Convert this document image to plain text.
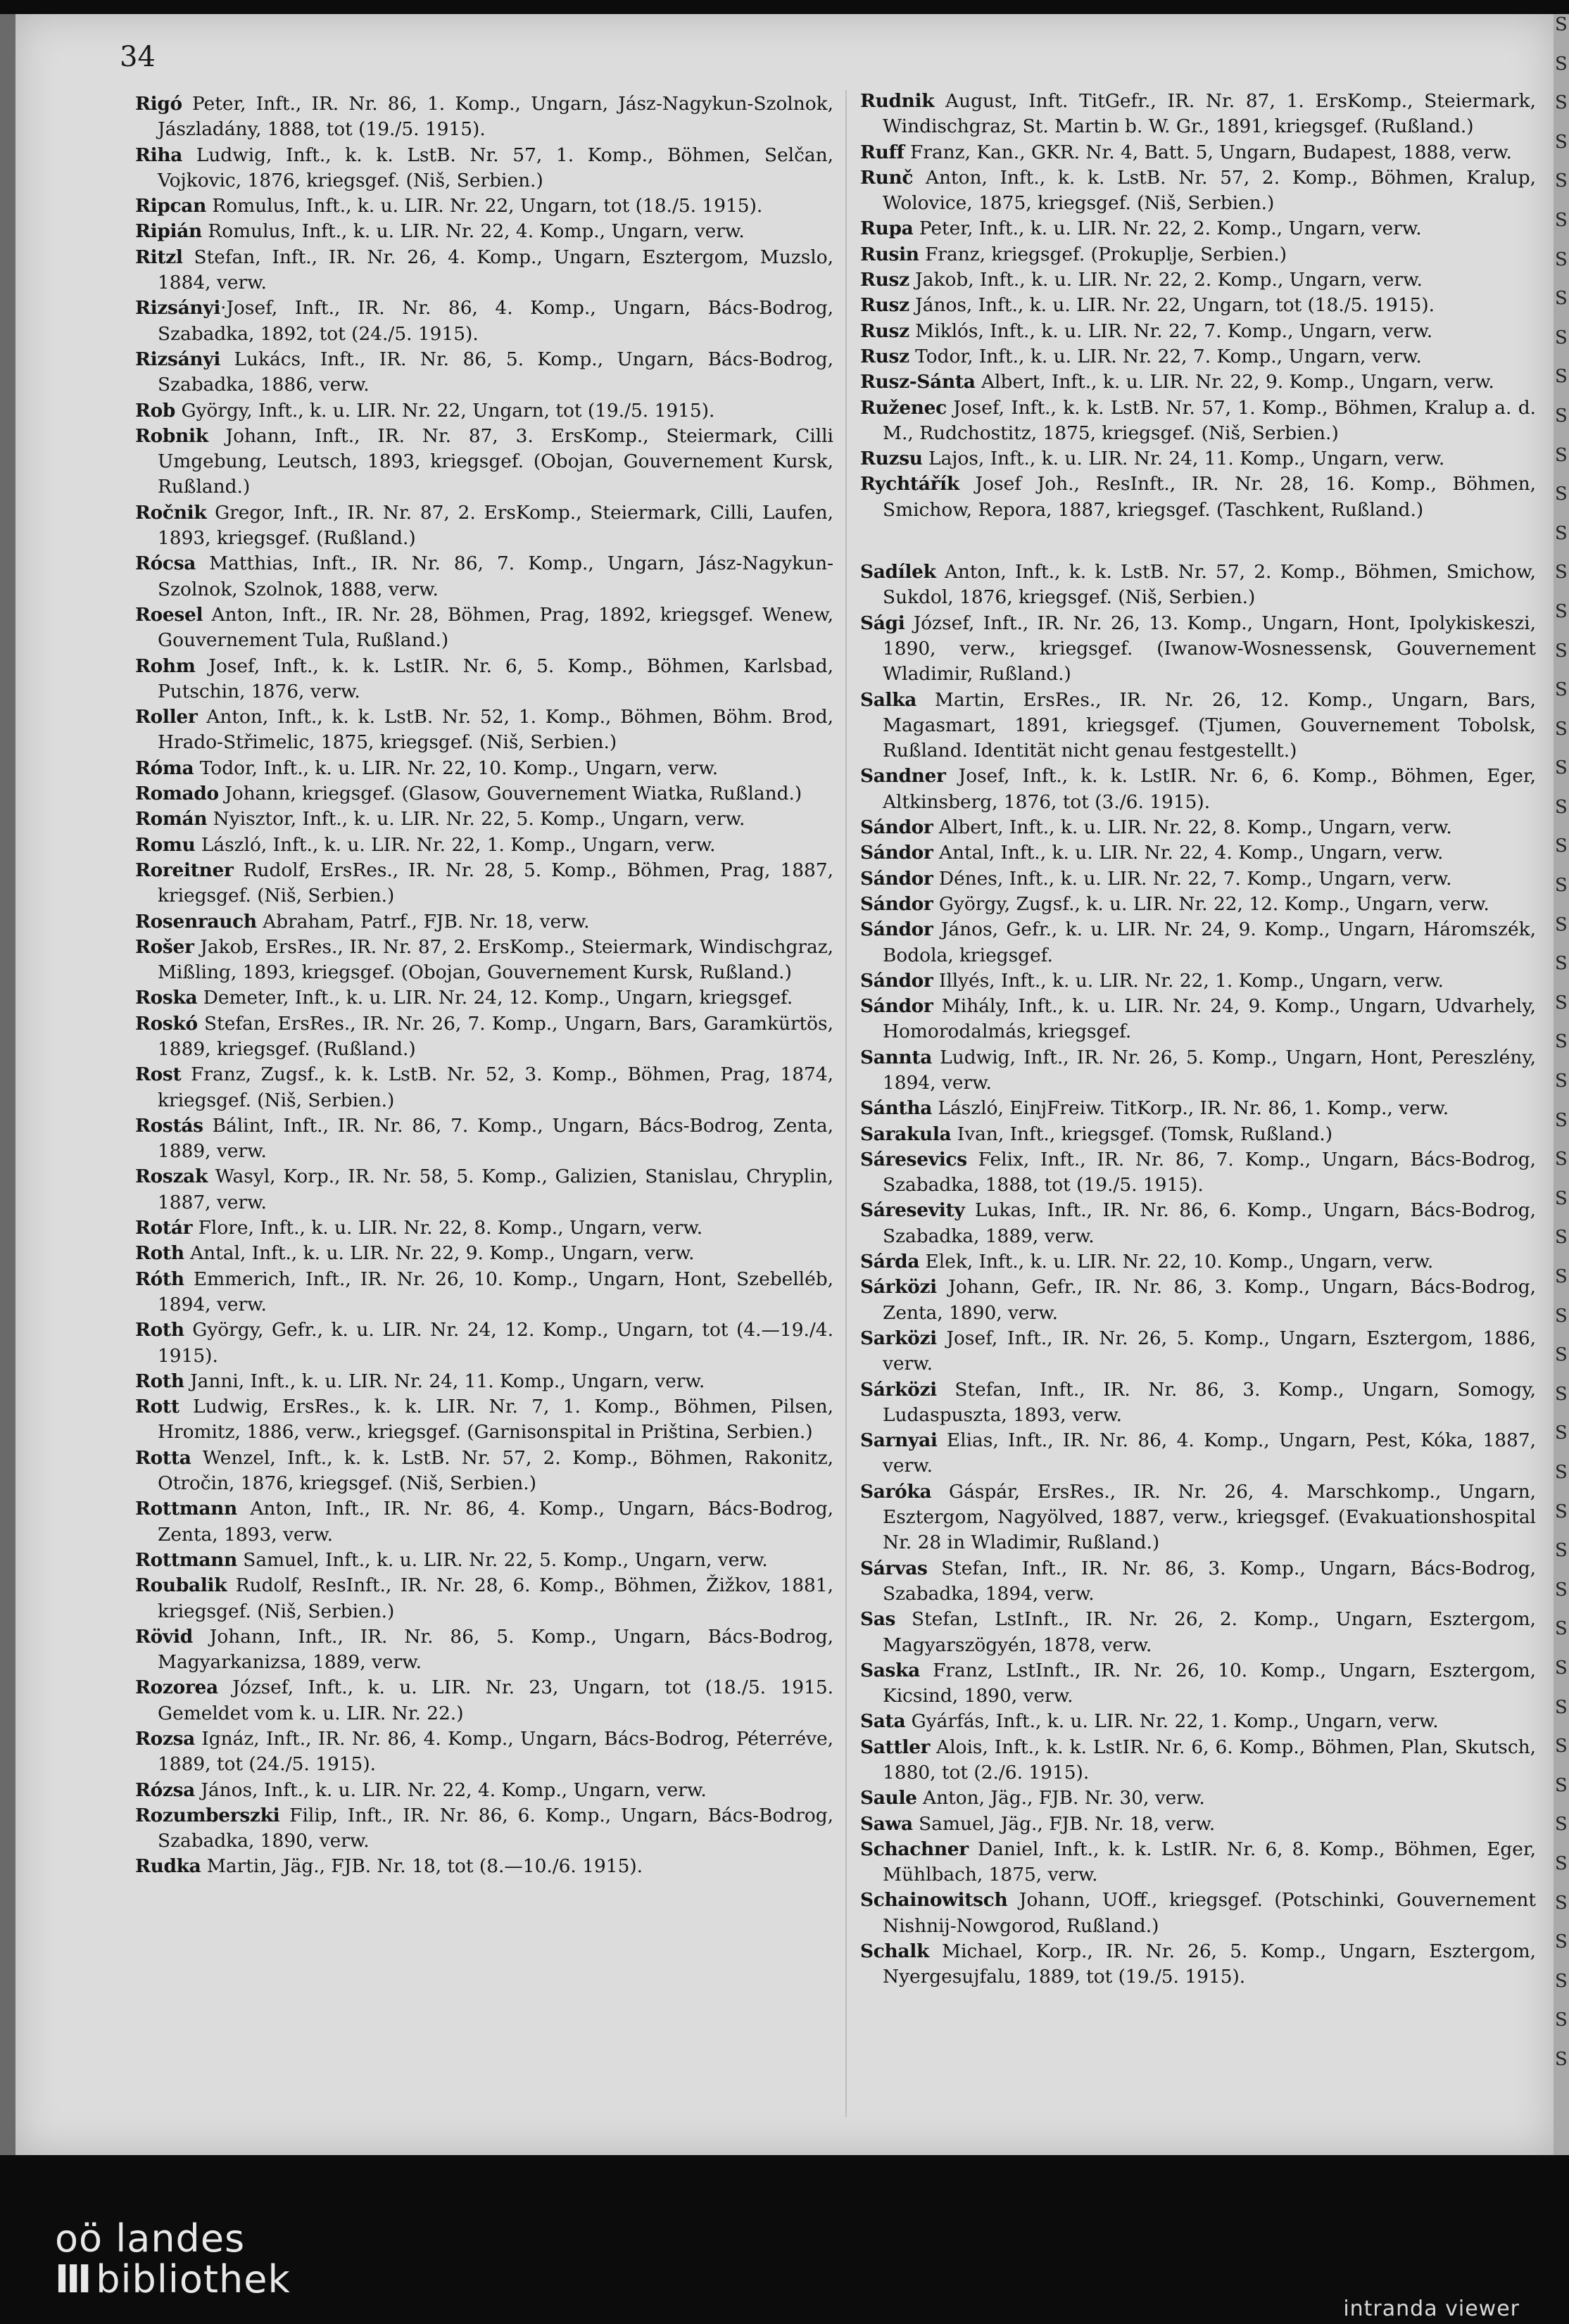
S
S
S
S
S
S
S
S
S
S
S
S
S
S
S
S
S
S
S
S
S
S
S
S
S
S
S
S
S
S
S
S
S
S
S
S
S
S
S
S
S
S
S
S
S
S
S
S
S
S
S
S
S
34

Rigó Peter, Inft., IR. Nr. 86, 1. Komp., Ungarn, Jász-Nagykun-Szolnok, Jászladány, 1888, tot (19./5. 1915).

Riha Ludwig, Inft., k. k. LstB. Nr. 57, 1. Komp., Böhmen, Selčan, Vojkovic, 1876, kriegsgef. (Niš, Serbien.)

Ripcan Romulus, Inft., k. u. LIR. Nr. 22, Ungarn, tot (18./5. 1915).

Ripián Romulus, Inft., k. u. LIR. Nr. 22, 4. Komp., Ungarn, verw.

Ritzl Stefan, Inft., IR. Nr. 26, 4. Komp., Ungarn, Esztergom, Muzslo, 1884, verw.

Rizsányi·Josef, Inft., IR. Nr. 86, 4. Komp., Ungarn, Bács-Bodrog, Szabadka, 1892, tot (24./5. 1915).

Rizsányi Lukács, Inft., IR. Nr. 86, 5. Komp., Ungarn, Bács-Bodrog, Szabadka, 1886, verw.

Rob György, Inft., k. u. LIR. Nr. 22, Ungarn, tot (19./5. 1915).

Robnik Johann, Inft., IR. Nr. 87, 3. ErsKomp., Steiermark, Cilli Umgebung, Leutsch, 1893, kriegsgef. (Obojan, Gouvernement Kursk, Rußland.)

Ročnik Gregor, Inft., IR. Nr. 87, 2. ErsKomp., Steiermark, Cilli, Laufen, 1893, kriegsgef. (Rußland.)

Rócsa Matthias, Inft., IR. Nr. 86, 7. Komp., Ungarn, Jász-Nagykun-Szolnok, Szolnok, 1888, verw.

Roesel Anton, Inft., IR. Nr. 28, Böhmen, Prag, 1892, kriegsgef. Wenew, Gouvernement Tula, Rußland.)

Rohm Josef, Inft., k. k. LstIR. Nr. 6, 5. Komp., Böhmen, Karlsbad, Putschin, 1876, verw.

Roller Anton, Inft., k. k. LstB. Nr. 52, 1. Komp., Böhmen, Böhm. Brod, Hrado-Střimelic, 1875, kriegsgef. (Niš, Serbien.)

Róma Todor, Inft., k. u. LIR. Nr. 22, 10. Komp., Ungarn, verw.

Romado Johann, kriegsgef. (Glasow, Gouvernement Wiatka, Rußland.)

Román Nyisztor, Inft., k. u. LIR. Nr. 22, 5. Komp., Ungarn, verw.

Romu László, Inft., k. u. LIR. Nr. 22, 1. Komp., Ungarn, verw.

Roreitner Rudolf, ErsRes., IR. Nr. 28, 5. Komp., Böhmen, Prag, 1887, kriegsgef. (Niš, Serbien.)

Rosenrauch Abraham, Patrf., FJB. Nr. 18, verw.

Rošer Jakob, ErsRes., IR. Nr. 87, 2. ErsKomp., Steiermark, Windischgraz, Mißling, 1893, kriegsgef. (Obojan, Gouvernement Kursk, Rußland.)

Roska Demeter, Inft., k. u. LIR. Nr. 24, 12. Komp., Ungarn, kriegsgef.

Roskó Stefan, ErsRes., IR. Nr. 26, 7. Komp., Ungarn, Bars, Garamkürtös, 1889, kriegsgef. (Rußland.)

Rost Franz, Zugsf., k. k. LstB. Nr. 52, 3. Komp., Böhmen, Prag, 1874, kriegsgef. (Niš, Serbien.)

Rostás Bálint, Inft., IR. Nr. 86, 7. Komp., Ungarn, Bács-Bodrog, Zenta, 1889, verw.

Roszak Wasyl, Korp., IR. Nr. 58, 5. Komp., Galizien, Stanislau, Chryplin, 1887, verw.

Rotár Flore, Inft., k. u. LIR. Nr. 22, 8. Komp., Ungarn, verw.

Roth Antal, Inft., k. u. LIR. Nr. 22, 9. Komp., Ungarn, verw.

Róth Emmerich, Inft., IR. Nr. 26, 10. Komp., Ungarn, Hont, Szebelléb, 1894, verw.

Roth György, Gefr., k. u. LIR. Nr. 24, 12. Komp., Ungarn, tot (4.—19./4. 1915).

Roth Janni, Inft., k. u. LIR. Nr. 24, 11. Komp., Ungarn, verw.

Rott Ludwig, ErsRes., k. k. LIR. Nr. 7, 1. Komp., Böhmen, Pilsen, Hromitz, 1886, verw., kriegsgef. (Garnisonspital in Priština, Serbien.)

Rotta Wenzel, Inft., k. k. LstB. Nr. 57, 2. Komp., Böhmen, Rakonitz, Otročin, 1876, kriegsgef. (Niš, Serbien.)

Rottmann Anton, Inft., IR. Nr. 86, 4. Komp., Ungarn, Bács-Bodrog, Zenta, 1893, verw.

Rottmann Samuel, Inft., k. u. LIR. Nr. 22, 5. Komp., Ungarn, verw.

Roubalik Rudolf, ResInft., IR. Nr. 28, 6. Komp., Böhmen, Žižkov, 1881, kriegsgef. (Niš, Serbien.)

Rövid Johann, Inft., IR. Nr. 86, 5. Komp., Ungarn, Bács-Bodrog, Magyarkanizsa, 1889, verw.

Rozorea József, Inft., k. u. LIR. Nr. 23, Ungarn, tot (18./5. 1915. Gemeldet vom k. u. LIR. Nr. 22.)

Rozsa Ignáz, Inft., IR. Nr. 86, 4. Komp., Ungarn, Bács-Bodrog, Péterréve, 1889, tot (24./5. 1915).

Rózsa János, Inft., k. u. LIR. Nr. 22, 4. Komp., Ungarn, verw.

Rozumberszki Filip, Inft., IR. Nr. 86, 6. Komp., Ungarn, Bács-Bodrog, Szabadka, 1890, verw.

Rudka Martin, Jäg., FJB. Nr. 18, tot (8.—10./6. 1915).

Rudnik August, Inft. TitGefr., IR. Nr. 87, 1. ErsKomp., Steiermark, Windischgraz, St. Martin b. W. Gr., 1891, kriegsgef. (Rußland.)

Ruff Franz, Kan., GKR. Nr. 4, Batt. 5, Ungarn, Budapest, 1888, verw.

Runč Anton, Inft., k. k. LstB. Nr. 57, 2. Komp., Böhmen, Kralup, Wolovice, 1875, kriegsgef. (Niš, Serbien.)

Rupa Peter, Inft., k. u. LIR. Nr. 22, 2. Komp., Ungarn, verw.

Rusin Franz, kriegsgef. (Prokuplje, Serbien.)

Rusz Jakob, Inft., k. u. LIR. Nr. 22, 2. Komp., Ungarn, verw.

Rusz János, Inft., k. u. LIR. Nr. 22, Ungarn, tot (18./5. 1915).

Rusz Miklós, Inft., k. u. LIR. Nr. 22, 7. Komp., Ungarn, verw.

Rusz Todor, Inft., k. u. LIR. Nr. 22, 7. Komp., Ungarn, verw.

Rusz-Sánta Albert, Inft., k. u. LIR. Nr. 22, 9. Komp., Ungarn, verw.

Ruženec Josef, Inft., k. k. LstB. Nr. 57, 1. Komp., Böhmen, Kralup a. d. M., Rudchostitz, 1875, kriegsgef. (Niš, Serbien.)

Ruzsu Lajos, Inft., k. u. LIR. Nr. 24, 11. Komp., Ungarn, verw.

Rychtářík Josef Joh., ResInft., IR. Nr. 28, 16. Komp., Böhmen, Smichow, Repora, 1887, kriegsgef. (Taschkent, Rußland.)

Sadílek Anton, Inft., k. k. LstB. Nr. 57, 2. Komp., Böhmen, Smichow, Sukdol, 1876, kriegsgef. (Niš, Serbien.)

Sági József, Inft., IR. Nr. 26, 13. Komp., Ungarn, Hont, Ipolykiskeszi, 1890, verw., kriegsgef. (Iwanow-Wosnessensk, Gouvernement Wladimir, Rußland.)

Salka Martin, ErsRes., IR. Nr. 26, 12. Komp., Ungarn, Bars, Magasmart, 1891, kriegsgef. (Tjumen, Gouvernement Tobolsk, Rußland. Identität nicht genau festgestellt.)

Sandner Josef, Inft., k. k. LstIR. Nr. 6, 6. Komp., Böhmen, Eger, Altkinsberg, 1876, tot (3./6. 1915).

Sándor Albert, Inft., k. u. LIR. Nr. 22, 8. Komp., Ungarn, verw.

Sándor Antal, Inft., k. u. LIR. Nr. 22, 4. Komp., Ungarn, verw.

Sándor Dénes, Inft., k. u. LIR. Nr. 22, 7. Komp., Ungarn, verw.

Sándor György, Zugsf., k. u. LIR. Nr. 22, 12. Komp., Ungarn, verw.

Sándor János, Gefr., k. u. LIR. Nr. 24, 9. Komp., Ungarn, Háromszék, Bodola, kriegsgef.

Sándor Illyés, Inft., k. u. LIR. Nr. 22, 1. Komp., Ungarn, verw.

Sándor Mihály, Inft., k. u. LIR. Nr. 24, 9. Komp., Ungarn, Udvarhely, Homorodalmás, kriegsgef.

Sannta Ludwig, Inft., IR. Nr. 26, 5. Komp., Ungarn, Hont, Pereszlény, 1894, verw.

Sántha László, EinjFreiw. TitKorp., IR. Nr. 86, 1. Komp., verw.

Sarakula Ivan, Inft., kriegsgef. (Tomsk, Rußland.)

Sáresevics Felix, Inft., IR. Nr. 86, 7. Komp., Ungarn, Bács-Bodrog, Szabadka, 1888, tot (19./5. 1915).

Sáresevity Lukas, Inft., IR. Nr. 86, 6. Komp., Ungarn, Bács-Bodrog, Szabadka, 1889, verw.

Sárda Elek, Inft., k. u. LIR. Nr. 22, 10. Komp., Ungarn, verw.

Sárközi Johann, Gefr., IR. Nr. 86, 3. Komp., Ungarn, Bács-Bodrog, Zenta, 1890, verw.

Sarközi Josef, Inft., IR. Nr. 26, 5. Komp., Ungarn, Esztergom, 1886, verw.

Sárközi Stefan, Inft., IR. Nr. 86, 3. Komp., Ungarn, Somogy, Ludaspuszta, 1893, verw.

Sarnyai Elias, Inft., IR. Nr. 86, 4. Komp., Ungarn, Pest, Kóka, 1887, verw.

Saróka Gáspár, ErsRes., IR. Nr. 26, 4. Marschkomp., Ungarn, Esztergom, Nagyölved, 1887, verw., kriegsgef. (Evakuationshospital Nr. 28 in Wladimir, Rußland.)

Sárvas Stefan, Inft., IR. Nr. 86, 3. Komp., Ungarn, Bács-Bodrog, Szabadka, 1894, verw.

Sas Stefan, LstInft., IR. Nr. 26, 2. Komp., Ungarn, Esztergom, Magyarszögyén, 1878, verw.

Saska Franz, LstInft., IR. Nr. 26, 10. Komp., Ungarn, Esztergom, Kicsind, 1890, verw.

Sata Gyárfás, Inft., k. u. LIR. Nr. 22, 1. Komp., Ungarn, verw.

Sattler Alois, Inft., k. k. LstIR. Nr. 6, 6. Komp., Böhmen, Plan, Skutsch, 1880, tot (2./6. 1915).

Saule Anton, Jäg., FJB. Nr. 30, verw.

Sawa Samuel, Jäg., FJB. Nr. 18, verw.

Schachner Daniel, Inft., k. k. LstIR. Nr. 6, 8. Komp., Böhmen, Eger, Mühlbach, 1875, verw.

Schainowitsch Johann, UOff., kriegsgef. (Potschinki, Gouvernement Nishnij-Nowgorod, Rußland.)

Schalk Michael, Korp., IR. Nr. 26, 5. Komp., Ungarn, Esztergom, Nyergesujfalu, 1889, tot (19./5. 1915).

oö landes
III bibliothek
intranda viewer
